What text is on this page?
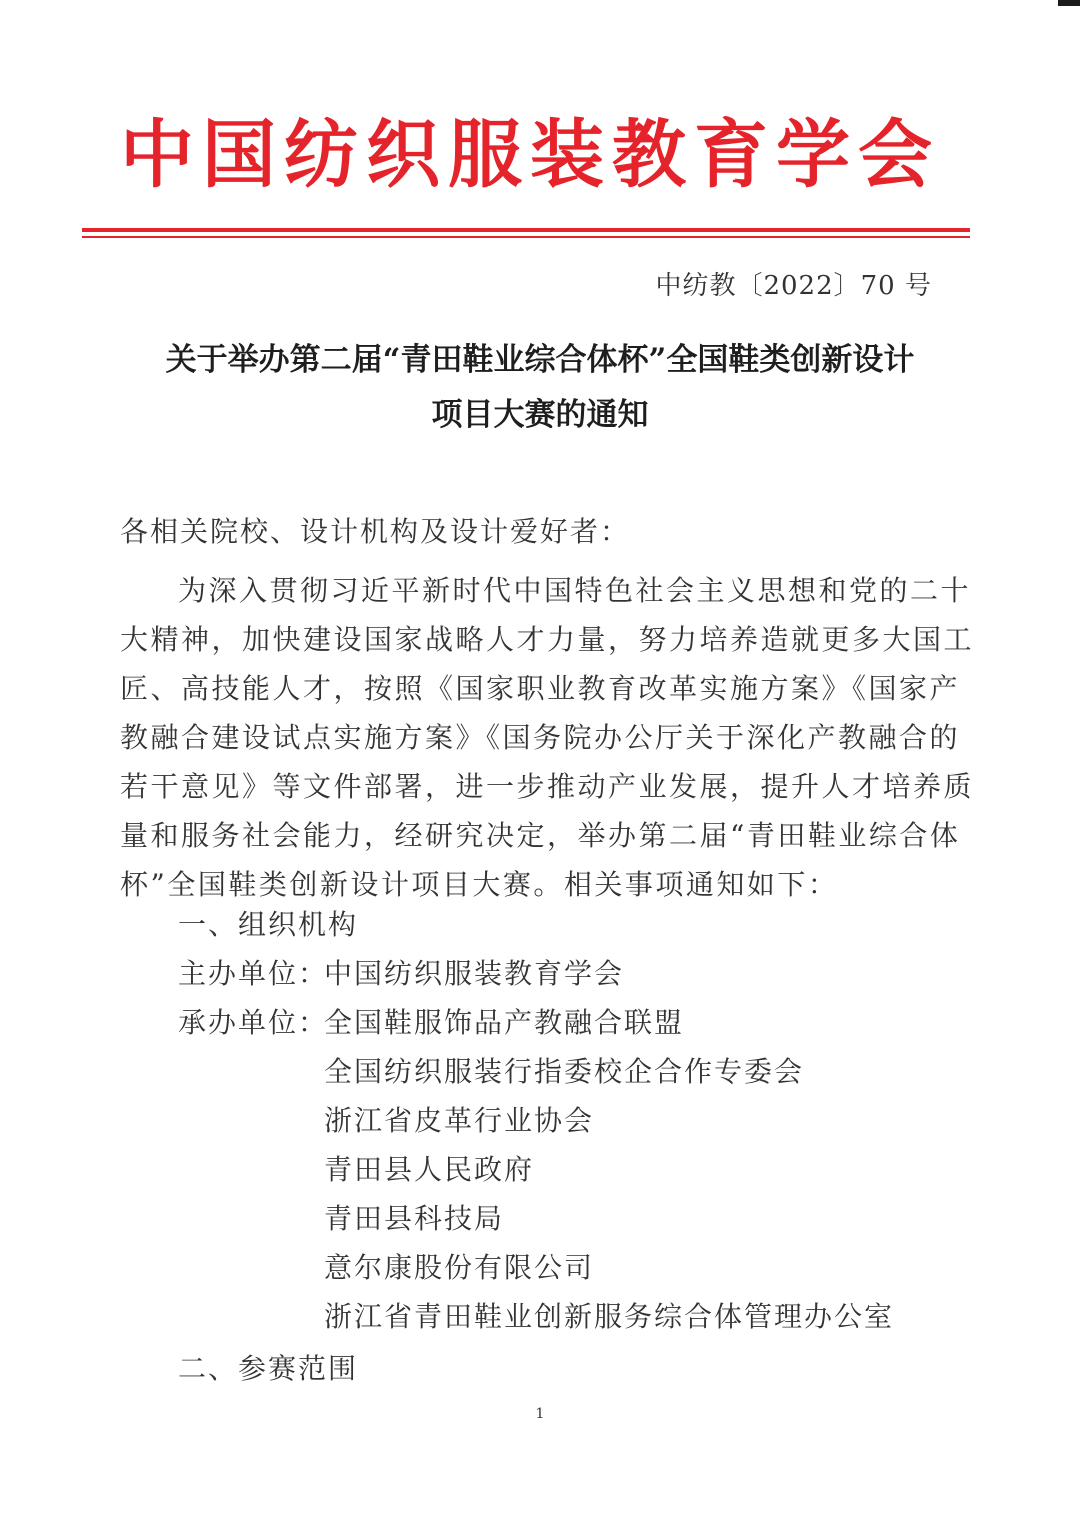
中国纺织服装教育学会
中纺教〔2022〕70 号
关于举办第二届“青田鞋业综合体杯”全国鞋类创新设计
项目大赛的通知
各相关院校、设计机构及设计爱好者：
为深入贯彻习近平新时代中国特色社会主义思想和党的二十
大精神，加快建设国家战略人才力量，努力培养造就更多大国工
匠、高技能人才，按照《国家职业教育改革实施方案》《国家产
教融合建设试点实施方案》《国务院办公厅关于深化产教融合的
若干意见》等文件部署，进一步推动产业发展，提升人才培养质
量和服务社会能力，经研究决定，举办第二届“青田鞋业综合体
杯”全国鞋类创新设计项目大赛。相关事项通知如下：
一、组织机构
主办单位：
中国纺织服装教育学会
承办单位：
全国鞋服饰品产教融合联盟
全国纺织服装行指委校企合作专委会
浙江省皮革行业协会
青田县人民政府
青田县科技局
意尔康股份有限公司
浙江省青田鞋业创新服务综合体管理办公室
二、参赛范围
1
